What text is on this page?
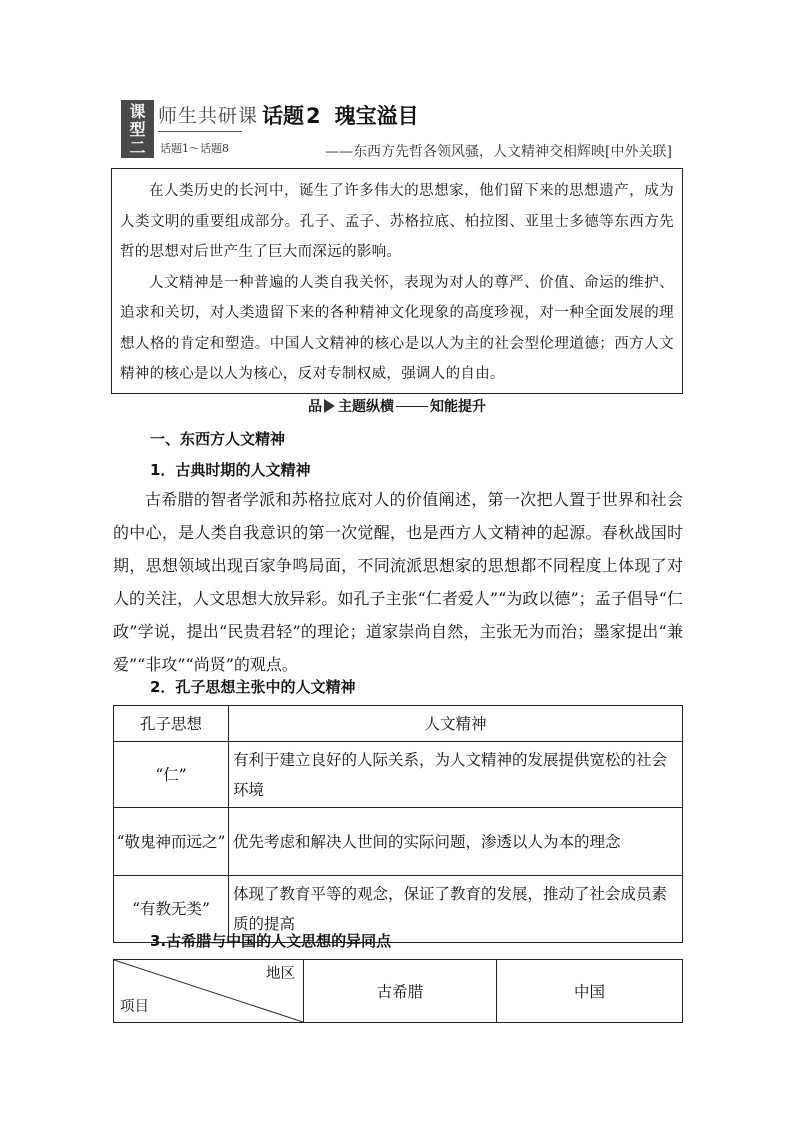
课
型
二
师生共研课
话题1～话题8
话题2 瑰宝溢目
——东西方先哲各领风骚，人文精神交相辉映[中外关联]

在人类历史的长河中，诞生了许多伟大的思想家，他们留下来的思想遗产，成为人类文明的重要组成部分。孔子、孟子、苏格拉底、柏拉图、亚里士多德等东西方先哲的思想对后世产生了巨大而深远的影响。

人文精神是一种普遍的人类自我关怀，表现为对人的尊严、价值、命运的维护、追求和关切，对人类遗留下来的各种精神文化现象的高度珍视，对一种全面发展的理想人格的肯定和塑造。中国人文精神的核心是以人为主的社会型伦理道德；西方人文精神的核心是以人为核心，反对专制权威，强调人的自由。

品 主题纵横	知能提升
一、东西方人文精神
1．古典时期的人文精神

古希腊的智者学派和苏格拉底对人的价值阐述，第一次把人置于世界和社会的中心，是人类自我意识的第一次觉醒，也是西方人文精神的起源。春秋战国时期，思想领域出现百家争鸣局面，不同流派思想家的思想都不同程度上体现了对人的关注，人文思想大放异彩。如孔子主张“仁者爱人”“为政以德”；孟子倡导“仁政”学说，提出“民贵君轻”的理论；道家崇尚自然，主张无为而治；墨家提出“兼爱”“非攻”“尚贤”的观点。

2．孔子思想主张中的人文精神
孔子思想	人文精神
“仁”	有利于建立良好的人际关系，为人文精神的发展提供宽松的社会环境
“敬鬼神而远之”	优先考虑和解决人世间的实际问题，渗透以人为本的理念
“有教无类”	体现了教育平等的观念，保证了教育的发展，推动了社会成员素质的提高
3.古希腊与中国的人文思想的异同点
地区
项目
	古希腊	中国
